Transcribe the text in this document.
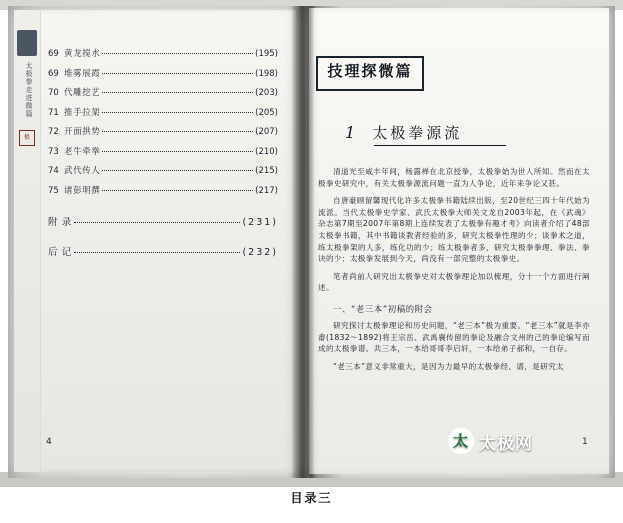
太极拳走进微篇
极
69 黄龙搅水	(195)
69 堆雾展霞	(198)
70 代雕挖艺	(203)
71 推手拉架	(205)
72 开面拱势	(207)
73 老牛牵拳	(210)
74 武代传人	(215)
75 诸彭明撰	(217)
附 录	(231)
后 记	(232)
4
技理探微篇
1 太极拳源流

清道光至咸丰年间，杨露禅在北京授拳，太极拳始为世人所知。然而在太极拳史研究中，有关太极拳源流问题一直为人争论，近年来争论又甚。

自唐豪顾留馨现代化许多太极拳书籍陆续出版，至20世纪三四十年代始为流派。当代太极拳史学家、武氏太极拳大师关文龙自2003年起，在《武魂》杂志第7期至2007年第8期上连续发表了太极拳有趣才考》向读者介绍了48部太极拳书籍，其中书籍谈教者经验的多，研究太极拳性理的少；谈拳术之道，练太极拳架的人多，练化功的少；练太极拳者多，研究太极拳拳理、拳法、拳诀的少；太极拳发展到今天，尚没有一部完整的太极拳史。

笔者尚前人研究出太极拳史对太极拳理论加以梳理，分十一个方面进行阐述。

一、“老三本”初稿的附会

研究探讨太极拳理论和历史问题，“老三本”极为重要。“老三本”就是李亦畬(1832～1892)将王宗岳、武禹襄传留的拳论及融合文州的己的拳论编写而成的太极拳谱。共三本，一本给哥哥李启轩，一本给弟子郝和，一自存。

“老三本”意义非常重大，是因为力最早的太极拳经、谱，是研究太

1
太 太极网
目录三
